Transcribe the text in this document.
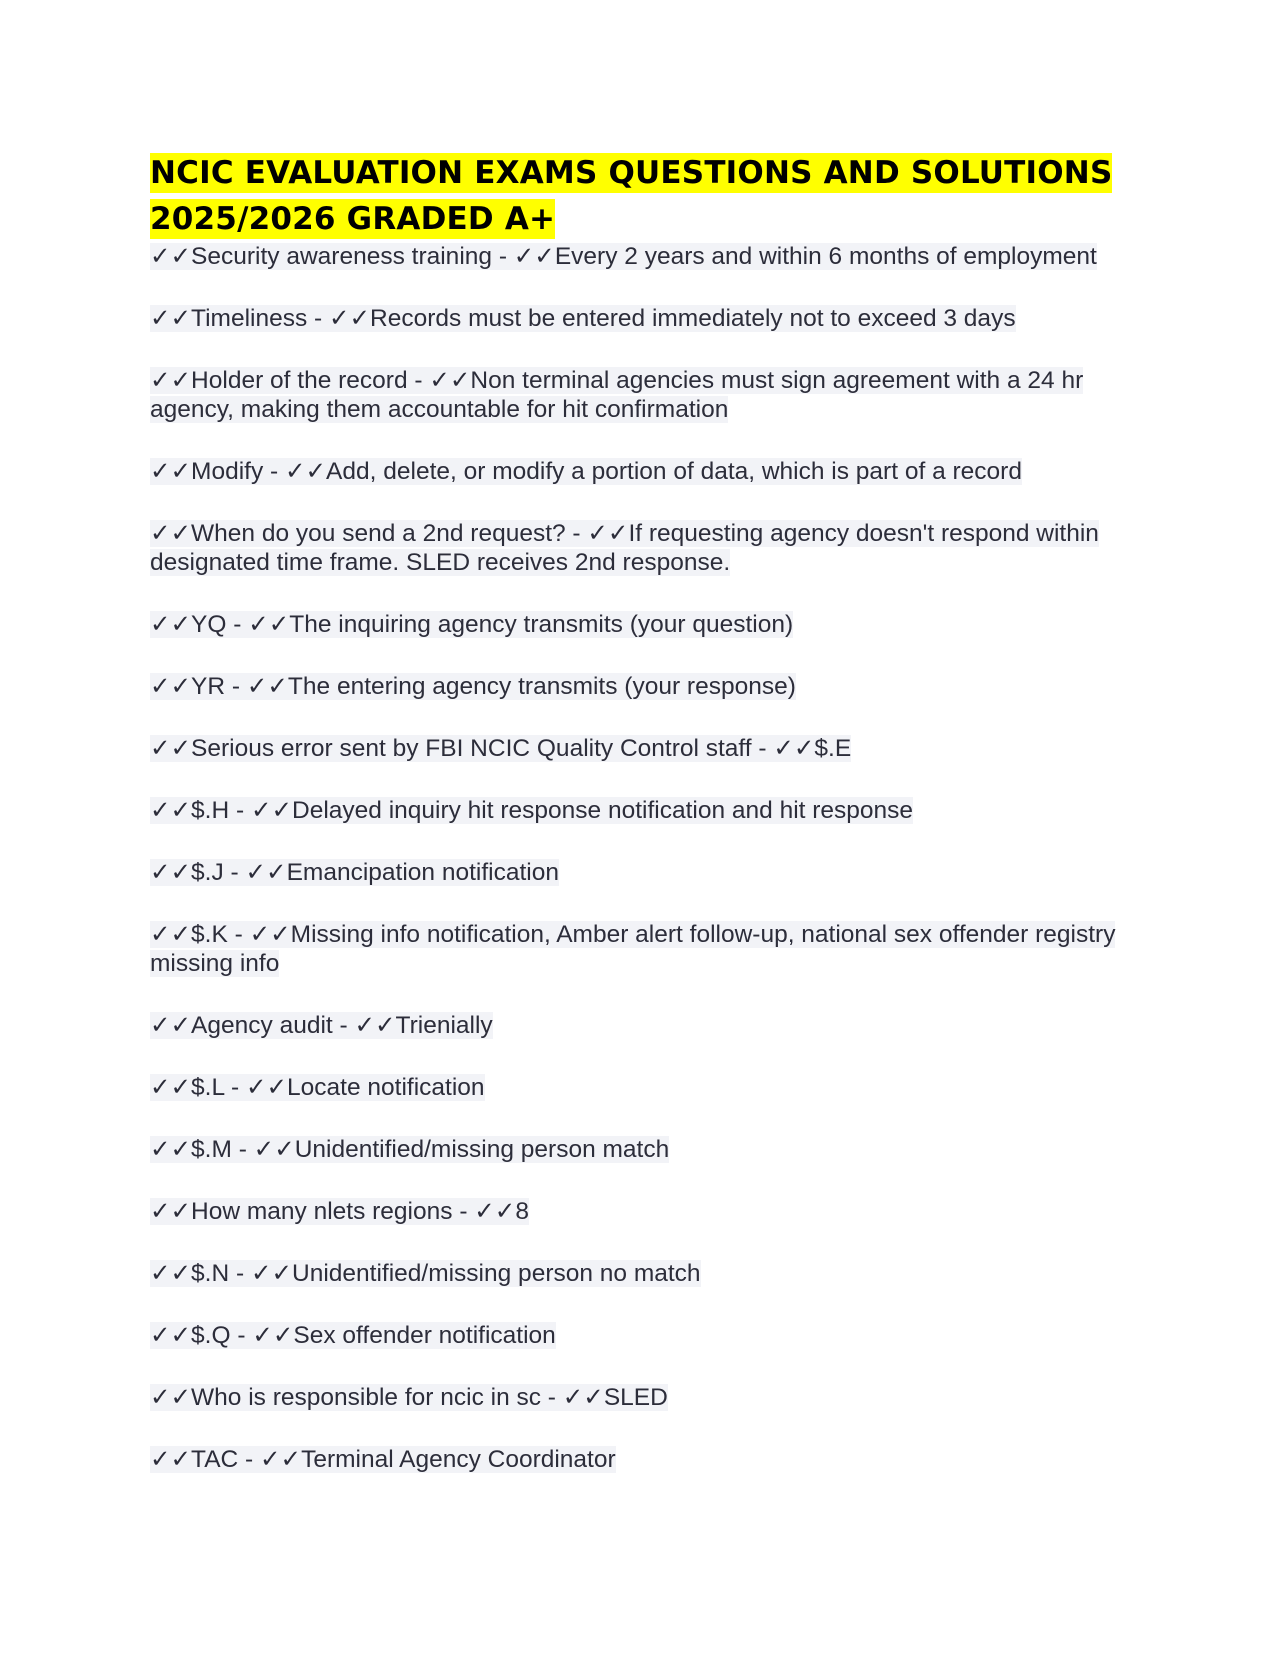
NCIC EVALUATION EXAMS QUESTIONS AND SOLUTIONS 2025/2026 GRADED A+
✓✓Security awareness training - ✓✓Every 2 years and within 6 months of employment
✓✓Timeliness - ✓✓Records must be entered immediately not to exceed 3 days
✓✓Holder of the record - ✓✓Non terminal agencies must sign agreement with a 24 hr agency, making them accountable for hit confirmation
✓✓Modify - ✓✓Add, delete, or modify a portion of data, which is part of a record
✓✓When do you send a 2nd request? - ✓✓If requesting agency doesn't respond within designated time frame. SLED receives 2nd response.
✓✓YQ - ✓✓The inquiring agency transmits (your question)
✓✓YR - ✓✓The entering agency transmits (your response)
✓✓Serious error sent by FBI NCIC Quality Control staff - ✓✓$.E
✓✓$.H - ✓✓Delayed inquiry hit response notification and hit response
✓✓$.J - ✓✓Emancipation notification
✓✓$.K - ✓✓Missing info notification, Amber alert follow-up, national sex offender registry missing info
✓✓Agency audit - ✓✓Trienially
✓✓$.L - ✓✓Locate notification
✓✓$.M - ✓✓Unidentified/missing person match
✓✓How many nlets regions - ✓✓8
✓✓$.N - ✓✓Unidentified/missing person no match
✓✓$.Q - ✓✓Sex offender notification
✓✓Who is responsible for ncic in sc - ✓✓SLED
✓✓TAC - ✓✓Terminal Agency Coordinator
